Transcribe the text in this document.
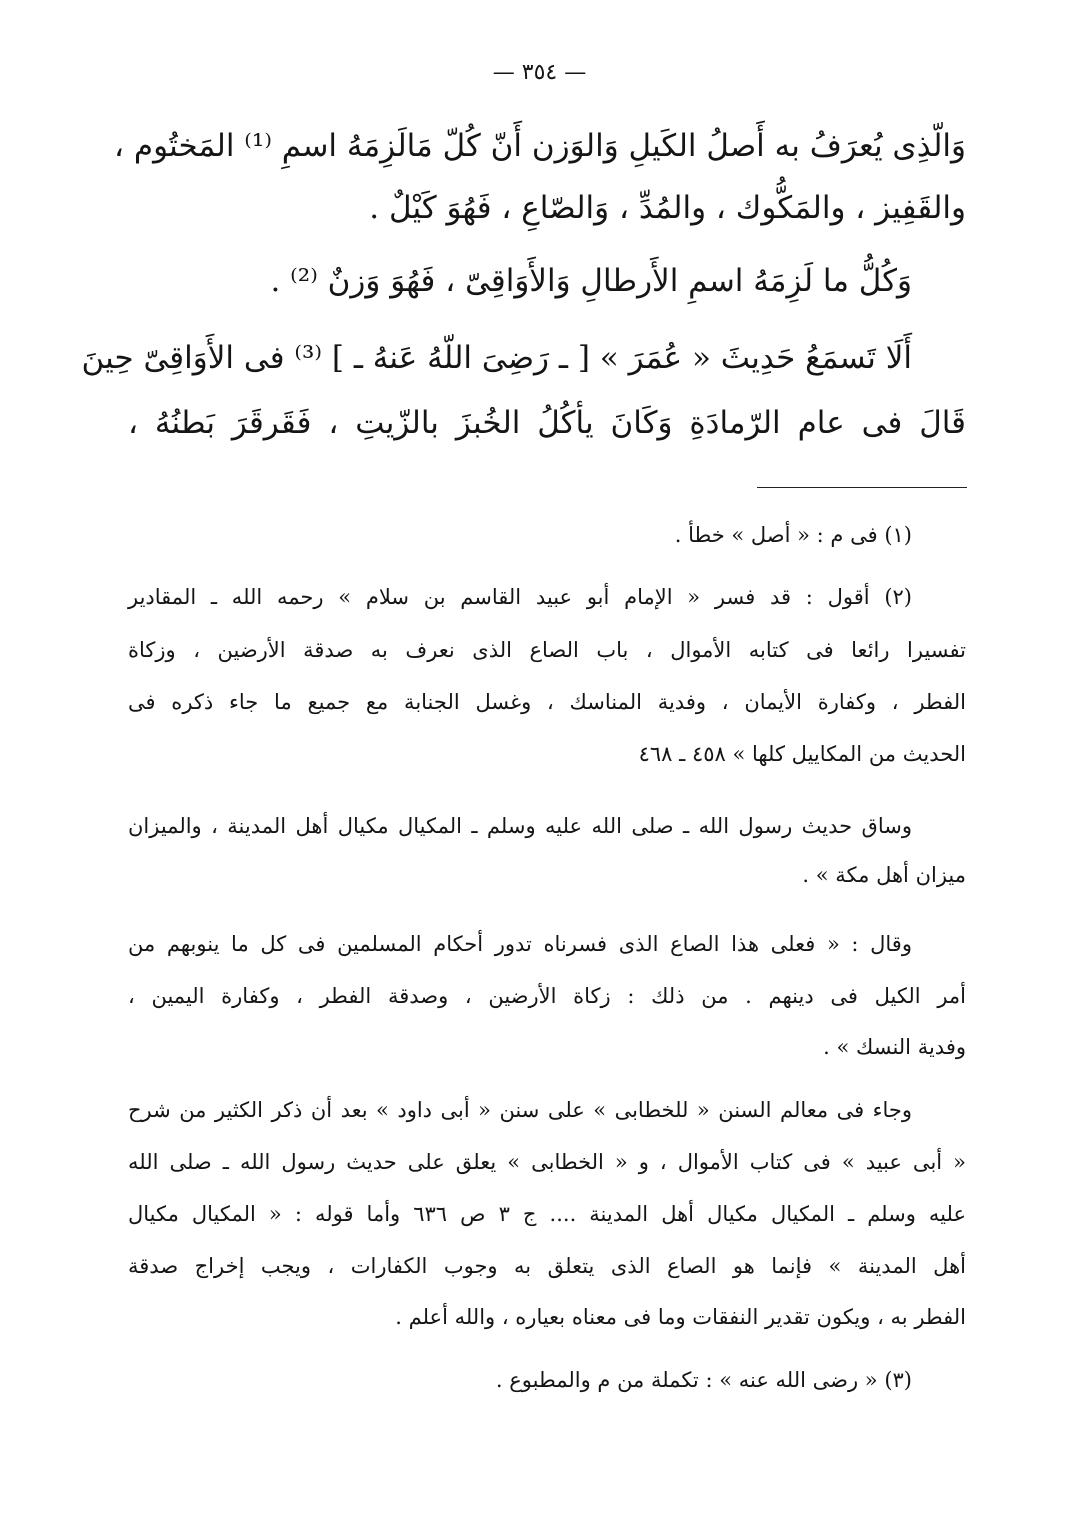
— ٣٥٤ —
وَالّذِى يُعرَفُ به أَصلُ الكَيلِ وَالوَزن أَنّ كُلّ مَالَزِمَهُ اسمِ ⁽¹⁾ المَختُوم ،
والقَفِيز ، والمَكُّوك ، والمُدِّ ، وَالصّاعِ ، فَهُوَ كَيْلٌ .
وَكُلُّ ما لَزِمَهُ اسمِ الأَرطالِ وَالأَوَاقِىّ ، فَهُوَ وَزنٌ ⁽²⁾ .
أَلَا تَسمَعُ حَدِيثَ « عُمَرَ » [ ـ رَضِىَ اللّهُ عَنهُ ـ ] ⁽³⁾ فى الأَوَاقِىّ حِينَ
قَالَ فى عام الرّمادَةِ وَكَانَ يأكُلُ الخُبزَ بالزّيتِ ، فَقَرقَرَ بَطنُهُ ،
(١) فى م : « أصل » خطأ .
(٢) أقول : قد فسر « الإمام أبو عبيد القاسم بن سلام » رحمه الله ـ المقادير
تفسيرا رائعا فى كتابه الأموال ، باب الصاع الذى نعرف به صدقة الأرضين ، وزكاة
الفطر ، وكفارة الأيمان ، وفدية المناسك ، وغسل الجنابة مع جميع ما جاء ذكره فى
الحديث من المكاييل كلها » ٤٥٨ ـ ٤٦٨
وساق حديث رسول الله ـ صلى الله عليه وسلم ـ المكيال مكيال أهل المدينة ، والميزان
ميزان أهل مكة » .
وقال : « فعلى هذا الصاع الذى فسرناه تدور أحكام المسلمين فى كل ما ينوبهم من
أمر الكيل فى دينهم . من ذلك : زكاة الأرضين ، وصدقة الفطر ، وكفارة اليمين ،
وفدية النسك » .
وجاء فى معالم السنن « للخطابى » على سنن « أبى داود » بعد أن ذكر الكثير من شرح
« أبى عبيد » فى كتاب الأموال ، و « الخطابى » يعلق على حديث رسول الله ـ صلى الله
عليه وسلم ـ المكيال مكيال أهل المدينة .... ج ٣ ص ٦٣٦ وأما قوله : « المكيال مكيال
أهل المدينة » فإنما هو الصاع الذى يتعلق به وجوب الكفارات ، ويجب إخراج صدقة
الفطر به ، ويكون تقدير النفقات وما فى معناه بعياره ، والله أعلم .
(٣) « رضى الله عنه » : تكملة من م والمطبوع .
